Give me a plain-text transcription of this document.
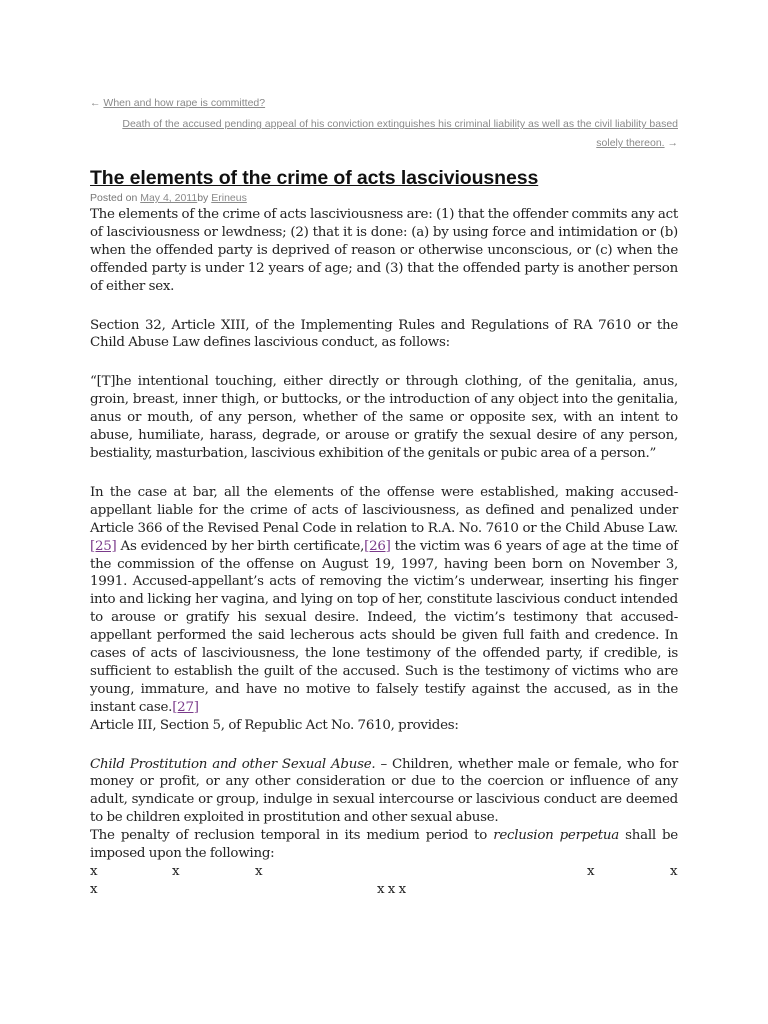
← When and how rape is committed?
Death of the accused pending appeal of his conviction extinguishes his criminal liability as well as the civil liability based solely thereon. →
The elements of the crime of acts lasciviousness
Posted on May 4, 2011by Erineus

The elements of the crime of acts lasciviousness are: (1) that the offender commits any act of lasciviousness or lewdness; (2) that it is done: (a) by using force and intimidation or (b) when the offended party is deprived of reason or otherwise unconscious, or (c) when the offended party is under 12 years of age; and (3) that the offended party is another person of either sex.

Section 32, Article XIII, of the Implementing Rules and Regulations of RA 7610 or the Child Abuse Law defines lascivious conduct, as follows:

“[T]he intentional touching, either directly or through clothing, of the genitalia, anus, groin, breast, inner thigh, or buttocks, or the introduction of any object into the genitalia, anus or mouth, of any person, whether of the same or opposite sex, with an intent to abuse, humiliate, harass, degrade, or arouse or gratify the sexual desire of any person, bestiality, masturbation, lascivious exhibition of the genitals or pubic area of a person.”

In the case at bar, all the elements of the offense were established, making accused-appellant liable for the crime of acts of lasciviousness, as defined and penalized under Article 366 of the Revised Penal Code in relation to R.A. No. 7610 or the Child Abuse Law.[25] As evidenced by her birth certificate,[26] the victim was 6 years of age at the time of the commission of the offense on August 19, 1997, having been born on November 3, 1991. Accused-appellant’s acts of removing the victim’s underwear, inserting his finger into and licking her vagina, and lying on top of her, constitute lascivious conduct intended to arouse or gratify his sexual desire. Indeed, the victim’s testimony that accused-appellant performed the said lecherous acts should be given full faith and credence. In cases of acts of lasciviousness, the lone testimony of the offended party, if credible, is sufficient to establish the guilt of the accused. Such is the testimony of victims who are young, immature, and have no motive to falsely testify against the accused, as in the instant case.[27]

Article III, Section 5, of Republic Act No. 7610, provides:

Child Prostitution and other Sexual Abuse. – Children, whether male or female, who for money or profit, or any other consideration or due to the coercion or influence of any adult, syndicate or group, indulge in sexual intercourse or lascivious conduct are deemed to be children exploited in prostitution and other sexual abuse.

The penalty of reclusion temporal in its medium period to reclusion perpetua shall be imposed upon the following:

x	x	x	x	x
x	x x x
